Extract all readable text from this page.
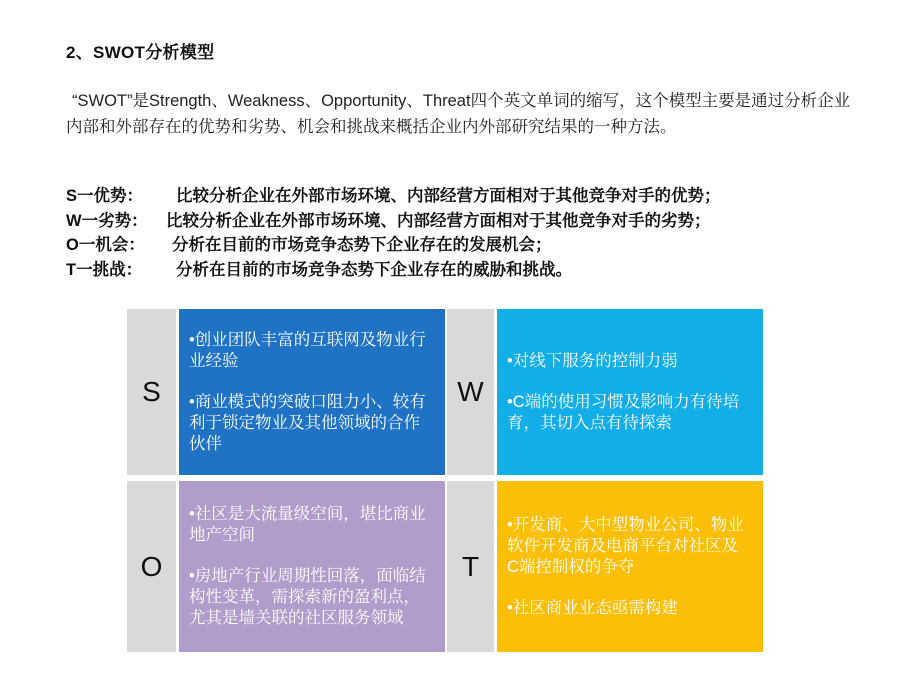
2、SWOT分析模型

“SWOT”是Strength、Weakness、Opportunity、Threat四个英文单词的缩写，这个模型主要是通过分析企业内部和外部存在的优势和劣势、机会和挑战来概括企业内外部研究结果的一种方法。

S一优势：	比较分析企业在外部市场环境、内部经营方面相对于其他竞争对手的优势；
W一劣势：	比较分析企业在外部市场环境、内部经营方面相对于其他竞争对手的劣势；
O一机会：	分析在目前的市场竞争态势下企业存在的发展机会；
T一挑战：	分析在目前的市场竞争态势下企业存在的威胁和挑战。
S

•创业团队丰富的互联网及物业行业经验

•商业模式的突破口阻力小、较有利于锁定物业及其他领域的合作伙伴

W

•对线下服务的控制力弱

•C端的使用习惯及影响力有待培育，其切入点有待探索

O

•社区是大流量级空间，堪比商业地产空间

•房地产行业周期性回落，面临结构性变革，需探索新的盈利点，尤其是墙关联的社区服务领域

T

•开发商、大中型物业公司、物业软件开发商及电商平台对社区及C端控制权的争夺

•社区商业业态亟需构建
